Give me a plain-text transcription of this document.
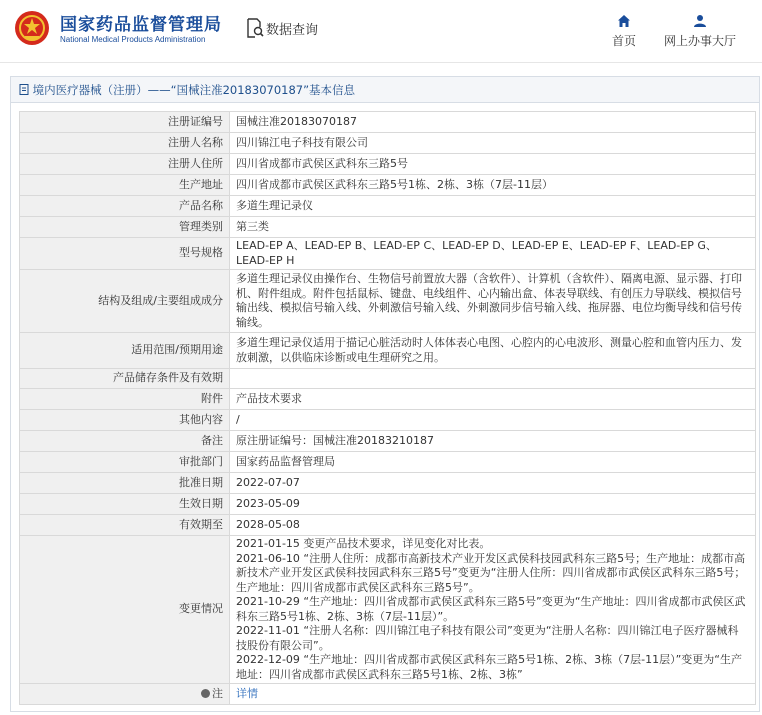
国家药品监督管理局
National Medical Products Administration
数据查询
首页 网上办事大厅
境内医疗器械（注册）——“国械注准20183070187”基本信息
注册证编号	国械注准20183070187
注册人名称	四川锦江电子科技有限公司
注册人住所	四川省成都市武侯区武科东三路5号
生产地址	四川省成都市武侯区武科东三路5号1栋、2栋、3栋（7层-11层）
产品名称	多道生理记录仪
管理类别	第三类
型号规格	LEAD-EP A、LEAD-EP B、LEAD-EP C、LEAD-EP D、LEAD-EP E、LEAD-EP F、LEAD-EP G、LEAD-EP H
结构及组成/主要组成成分	多道生理记录仪由操作台、生物信号前置放大器（含软件）、计算机（含软件）、隔离电源、显示器、打印机、附件组成。附件包括鼠标、键盘、电线组件、心内输出盒、体表导联线、有创压力导联线、模拟信号输出线、模拟信号输入线、外刺激信号输入线、外刺激同步信号输入线、拖屏器、电位均衡导线和信号传输线。
适用范围/预期用途	多道生理记录仪适用于描记心脏活动时人体体表心电图、心腔内的心电波形、测量心腔和血管内压力、发放刺激，以供临床诊断或电生理研究之用。
产品储存条件及有效期	
附件	产品技术要求
其他内容	/
备注	原注册证编号：国械注准20183210187
审批部门	国家药品监督管理局
批准日期	2022-07-07
生效日期	2023-05-09
有效期至	2028-05-08
变更情况	2021-01-15 变更产品技术要求，详见变化对比表。
2021-06-10 “注册人住所：成都市高新技术产业开发区武侯科技园武科东三路5号；生产地址：成都市高新技术产业开发区武侯科技园武科东三路5号”变更为“注册人住所：四川省成都市武侯区武科东三路5号；生产地址：四川省成都市武侯区武科东三路5号”。
2021-10-29 “生产地址：四川省成都市武侯区武科东三路5号”变更为“生产地址：四川省成都市武侯区武科东三路5号1栋、2栋、3栋（7层-11层）”。
2022-11-01 “注册人名称：四川锦江电子科技有限公司”变更为“注册人名称：四川锦江电子医疗器械科技股份有限公司”。
2022-12-09 “生产地址：四川省成都市武侯区武科东三路5号1栋、2栋、3栋（7层-11层）”变更为“生产地址：四川省成都市武侯区武科东三路5号1栋、2栋、3栋”

注	详情
